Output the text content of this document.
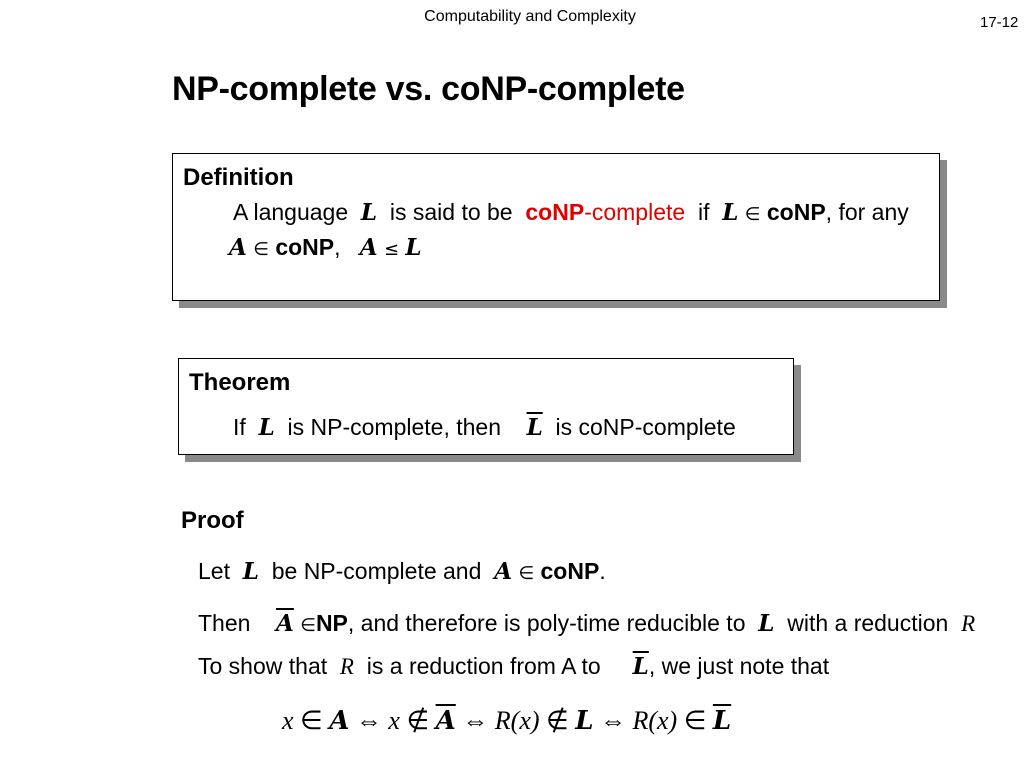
Computability and Complexity	17-12
NP-complete vs. coNP-complete
Definition
A language L is said to be coNP-complete if L ∈ coNP, for any
A ∈ coNP, A ≤ L
Theorem
If L is NP-complete, then $\overline{L}$ is coNP-complete
Proof
Let L be NP-complete and A ∈ coNP.
Then $\overline{A}$ ∈NP, and therefore is poly-time reducible to L with a reduction R
To show that R is a reduction from A to $\overline{L}$, we just note that
x ∈ A ⇔ x ∉ $\overline{A}$ ⇔ R(x) ∉ L ⇔ R(x) ∈ $\overline{L}$
